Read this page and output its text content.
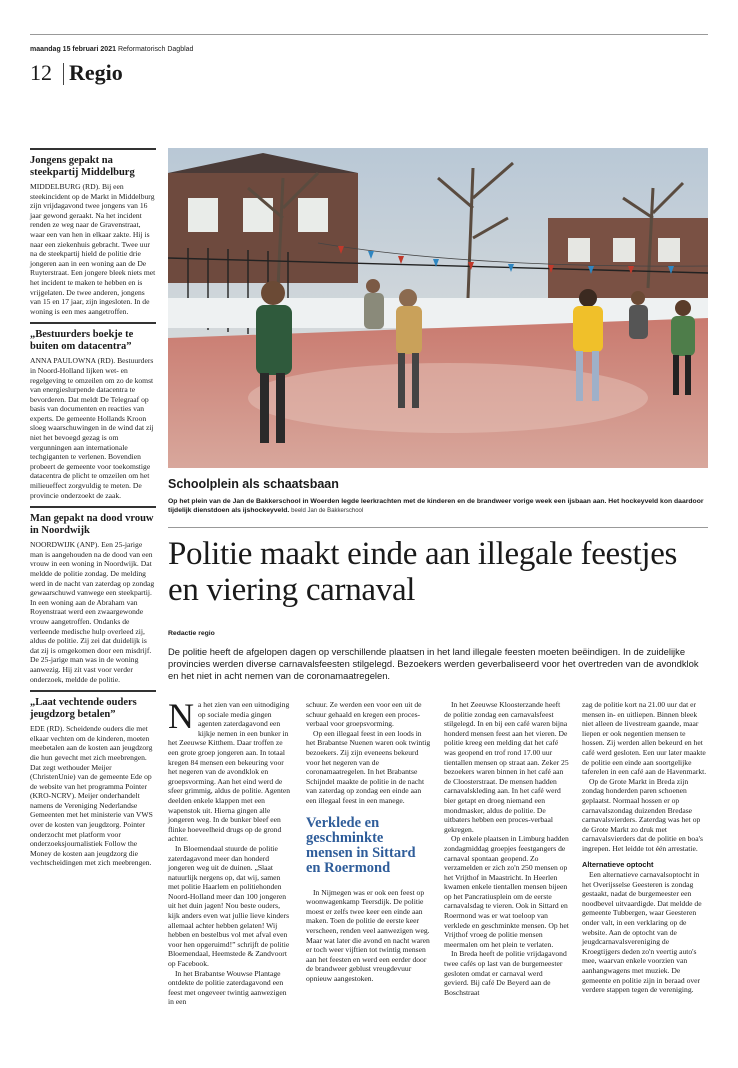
maandag 15 februari 2021 Reformatorisch Dagblad
12 Regio
Jongens gepakt na steekpartij Middelburg

MIDDELBURG (RD). Bij een steekincident op de Markt in Middelburg zijn vrijdagavond twee jongens van 16 jaar gewond geraakt. Na het incident renden ze weg naar de Gravenstraat, waar een van hen in elkaar zakte. Hij is naar een ziekenhuis gebracht. Twee uur na de steekpartij hield de politie drie jongeren aan in een woning aan de De Ruyterstraat. Een jongere bleek niets met het incident te maken te hebben en is vrijgelaten. De twee anderen, jongens van 15 en 17 jaar, zijn ingesloten. In de woning is een mes aangetroffen.

„Bestuurders boekje te buiten om datacentra”

ANNA PAULOWNA (RD). Bestuurders in Noord-Holland lijken wet- en regelgeving te omzeilen om zo de komst van energieslurpende datacentra te bevorderen. Dat meldt De Telegraaf op basis van documenten en reacties van experts. De gemeente Hollands Kroon sloeg waarschuwingen in de wind dat zij niet het bevoegd gezag is om vergunningen aan internationale techgiganten te verlenen. Bovendien probeert de gemeente voor toekomstige datacentra de plicht te omzeilen om het milieueffect zorgvuldig te meten. De provincie onderzoekt de zaak.

Man gepakt na dood vrouw in Noordwijk

NOORDWIJK (ANP). Een 25-jarige man is aangehouden na de dood van een vrouw in een woning in Noordwijk. Dat meldde de politie zondag. De melding werd in de nacht van zaterdag op zondag gewaarschuwd vanwege een steekpartij. In een woning aan de Abraham van Royenstraat werd een zwaargewonde vrouw aangetroffen. Ondanks de verleende medische hulp overleed zij, aldus de politie. Zij zei dat duidelijk is dat zij is omgekomen door een misdrijf. De 25-jarige man was in de woning aanwezig. Hij zit vast voor verder onderzoek, meldde de politie.

„Laat vechtende ouders jeugdzorg betalen”

EDE (RD). Scheidende ouders die met elkaar vechten om de kinderen, moeten meebetalen aan de kosten aan jeugdzorg die hun gevecht met zich meebrengen. Dat zegt wethouder Meijer (ChristenUnie) van de gemeente Ede op de website van het programma Pointer (KRO-NCRV). Meijer onderhandelt namens de Vereniging Nederlandse Gemeenten met het ministerie van VWS over de kosten van jeugdzorg. Pointer onderzocht met platform voor onderzoeksjournalistiek Follow the Money de kosten aan jeugdzorg die vechtscheidingen met zich meebrengen.

Schoolplein als schaatsbaan
Op het plein van de Jan de Bakkerschool in Woerden legde leerkrachten met de kinderen en de brandweer vorige week een ijsbaan aan. Het hockeyveld kon daardoor tijdelijk dienstdoen als ijshockeyveld. beeld Jan de Bakkerschool
Politie maakt einde aan illegale feestjes en viering carnaval
Redactie regio
De politie heeft de afgelopen dagen op verschillende plaatsen in het land illegale feesten moeten beëindigen. In de zuidelijke provincies werden diverse carnavalsfeesten stilgelegd. Bezoekers werden geverbaliseerd voor het overtreden van de avondklok en het niet in acht nemen van de coronamaatregelen.

Na het zien van een uitnodiging op sociale media gingen agenten zaterdagavond een kijkje nemen in een bunker in het Zeeuwse Kitthem. Daar troffen ze een grote groep jongeren aan. In totaal kregen 84 mensen een bekeuring voor het negeren van de avondklok en groepsvorming. Aan het eind werd de sfeer grimmig, aldus de politie. Agenten deelden enkele klappen met een wapenstok uit. Hierna gingen alle jongeren weg. In de bunker bleef een flinke hoeveelheid drugs op de grond achter.

In Bloemendaal stuurde de politie zaterdagavond meer dan honderd jongeren weg uit de duinen. „Slaat natuurlijk nergens op, dat wij, samen met politie Haarlem en politiehonden Noord-Holland meer dan 100 jongeren uit het duin jagen! Nou beste ouders, kijk anders even wat jullie lieve kinders allemaal achter hebben gelaten! Wij hebben en bestelbus vol met afval even voor hen opgeruimd!” schrijft de politie Bloemendaal, Heemstede & Zandvoort op Facebook.

In het Brabantse Wouwse Plantage ontdekte de politie zaterdagavond een feest met ongeveer twintig aanwezigen in een

schuur. Ze werden een voor een uit de schuur gehaald en kregen een proces-verbaal voor groepsvorming.

Op een illegaal feest in een loods in het Brabantse Nuenen waren ook twintig bezoekers. Zij zijn eveneens bekeurd voor het negeren van de coronamaatregelen. In het Brabantse Schijndel maakte de politie in de nacht van zaterdag op zondag een einde aan een illegaal feest in een manege.

Verklede en geschminkte mensen in Sittard en Roermond

In Nijmegen was er ook een feest op woonwagenkamp Teersdijk. De politie moest er zelfs twee keer een einde aan maken. Toen de politie de eerste keer verscheen, renden veel aanwezigen weg. Maar wat later die avond en nacht waren er toch weer vijftien tot twintig mensen aan het feesten en werd een eerder door de brandweer geblust vreugdevuur opnieuw aangestoken.

In het Zeeuwse Kloosterzande heeft de politie zondag een carnavalsfeest stilgelegd. In en bij een café waren bijna honderd mensen feest aan het vieren. De politie kreeg een melding dat het café was geopend en trof rond 17.00 uur tientallen mensen op straat aan. Zeker 25 bezoekers waren binnen in het café aan de Cloosterstraat. De mensen hadden carnavalskleding aan. In het café werd bier getapt en droeg niemand een mondmasker, aldus de politie. De uitbaters hebben een proces-verbaal gekregen.

Op enkele plaatsen in Limburg hadden zondagmiddag groepjes feestgangers de carnaval spontaan geopend. Zo verzamelden er zich zo'n 250 mensen op het Vrijthof in Maastricht. In Heerlen kwamen enkele tientallen mensen bijeen op het Pancratiusplein om de eerste carnavalsdag te vieren. Ook in Sittard en Roermond was er wat toeloop van verklede en geschminkte mensen. Op het Vrijthof vroeg de politie mensen meermalen om het plein te verlaten.

In Breda heeft de politie vrijdagavond twee cafés op last van de burgemeester gesloten omdat er carnaval werd gevierd. Bij café De Beyerd aan de Boschstraat

zag de politie kort na 21.00 uur dat er mensen in- en uitliepen. Binnen bleek niet alleen de livestream gaande, maar liepen er ook negentien mensen te hossen. Zij werden allen bekeurd en het café werd gesloten. Een uur later maakte de politie een einde aan soortgelijke taferelen in een café aan de Havenmarkt.

Op de Grote Markt in Breda zijn zondag honderden paren schoenen geplaatst. Normaal hossen er op carnavalszondag duizenden Bredase carnavalsvierders. Zaterdag was het op de Grote Markt zo druk met carnavalsvierders dat de politie en boa's ingrepen. Het leidde tot één arrestatie.

Alternatieve optocht

Een alternatieve carnavalsoptocht in het Overijsselse Geesteren is zondag gestaakt, nadat de burgemeester een noodbevel uitvaardigde. Dat meldde de gemeente Tubbergen, waar Geesteren onder valt, in een verklaring op de website. Aan de optocht van de jeugdcarnavalsvereniging de Kroegtijgers deden zo'n veertig auto's mee, waarvan enkele voorzien van aanhangwagens met muziek. De gemeente en politie zijn in beraad over verdere stappen tegen de vereniging.
